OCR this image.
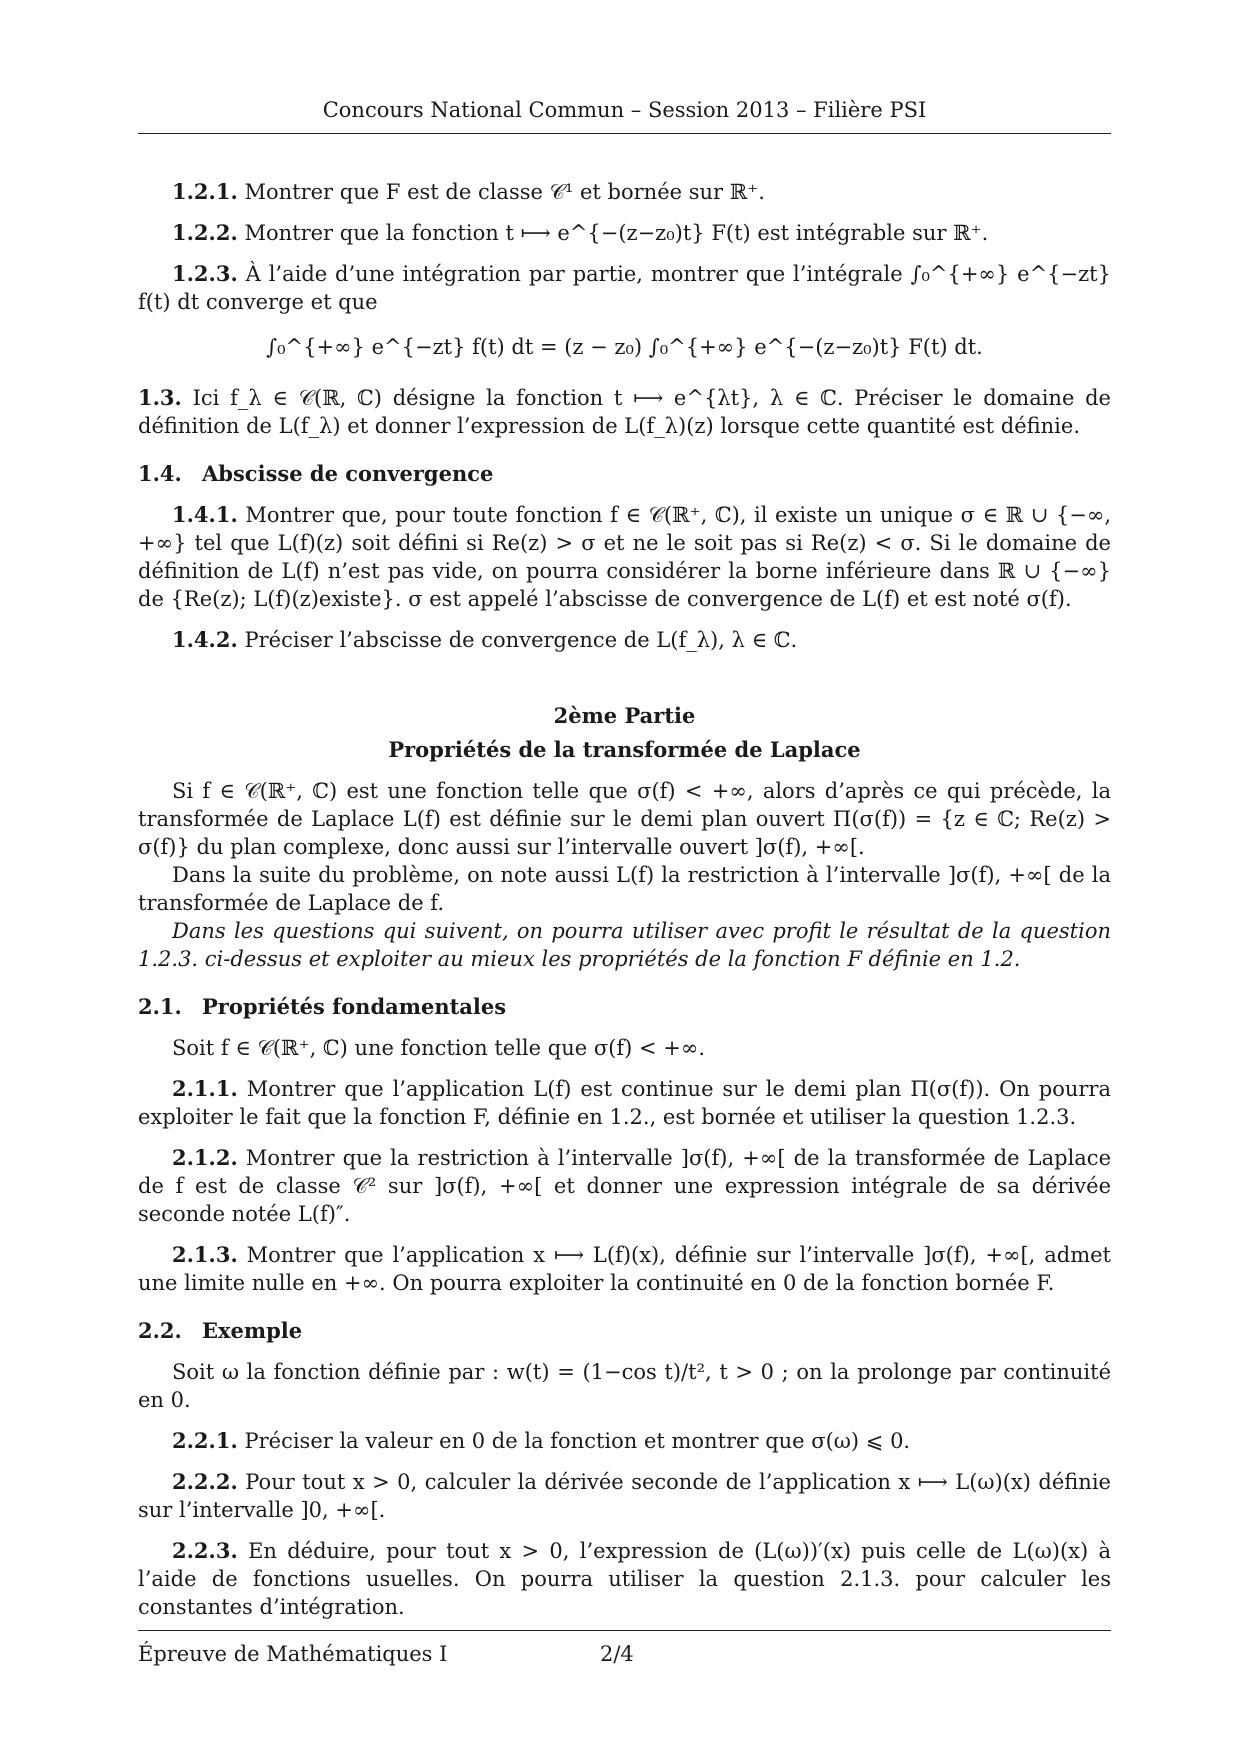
Concours National Commun – Session 2013 – Filière PSI

1.2.1. Montrer que F est de classe 𝒞¹ et bornée sur ℝ⁺.

1.2.2. Montrer que la fonction t ⟼ e^{−(z−z₀)t} F(t) est intégrable sur ℝ⁺.

1.2.3. À l’aide d’une intégration par partie, montrer que l’intégrale ∫₀^{+∞} e^{−zt} f(t) dt converge et que

∫₀^{+∞} e^{−zt} f(t) dt = (z − z₀) ∫₀^{+∞} e^{−(z−z₀)t} F(t) dt.

1.3. Ici f_λ ∈ 𝒞(ℝ, ℂ) désigne la fonction t ⟼ e^{λt}, λ ∈ ℂ. Préciser le domaine de définition de L(f_λ) et donner l’expression de L(f_λ)(z) lorsque cette quantité est définie.

1.4. Abscisse de convergence

1.4.1. Montrer que, pour toute fonction f ∈ 𝒞(ℝ⁺, ℂ), il existe un unique σ ∈ ℝ ∪ {−∞, +∞} tel que L(f)(z) soit défini si Re(z) > σ et ne le soit pas si Re(z) < σ. Si le domaine de définition de L(f) n’est pas vide, on pourra considérer la borne inférieure dans ℝ ∪ {−∞} de {Re(z); L(f)(z)existe}. σ est appelé l’abscisse de convergence de L(f) et est noté σ(f).

1.4.2. Préciser l’abscisse de convergence de L(f_λ), λ ∈ ℂ.

2ème Partie

Propriétés de la transformée de Laplace

Si f ∈ 𝒞(ℝ⁺, ℂ) est une fonction telle que σ(f) < +∞, alors d’après ce qui précède, la transformée de Laplace L(f) est définie sur le demi plan ouvert Π(σ(f)) = {z ∈ ℂ; Re(z) > σ(f)} du plan complexe, donc aussi sur l’intervalle ouvert ]σ(f), +∞[.

Dans la suite du problème, on note aussi L(f) la restriction à l’intervalle ]σ(f), +∞[ de la transformée de Laplace de f.

Dans les questions qui suivent, on pourra utiliser avec profit le résultat de la question 1.2.3. ci-dessus et exploiter au mieux les propriétés de la fonction F définie en 1.2.

2.1. Propriétés fondamentales

Soit f ∈ 𝒞(ℝ⁺, ℂ) une fonction telle que σ(f) < +∞.

2.1.1. Montrer que l’application L(f) est continue sur le demi plan Π(σ(f)). On pourra exploiter le fait que la fonction F, définie en 1.2., est bornée et utiliser la question 1.2.3.

2.1.2. Montrer que la restriction à l’intervalle ]σ(f), +∞[ de la transformée de Laplace de f est de classe 𝒞² sur ]σ(f), +∞[ et donner une expression intégrale de sa dérivée seconde notée L(f)″.

2.1.3. Montrer que l’application x ⟼ L(f)(x), définie sur l’intervalle ]σ(f), +∞[, admet une limite nulle en +∞. On pourra exploiter la continuité en 0 de la fonction bornée F.

2.2. Exemple

Soit ω la fonction définie par : w(t) = (1−cos t)/t², t > 0 ; on la prolonge par continuité en 0.

2.2.1. Préciser la valeur en 0 de la fonction et montrer que σ(ω) ⩽ 0.

2.2.2. Pour tout x > 0, calculer la dérivée seconde de l’application x ⟼ L(ω)(x) définie sur l’intervalle ]0, +∞[.

2.2.3. En déduire, pour tout x > 0, l’expression de (L(ω))′(x) puis celle de L(ω)(x) à l’aide de fonctions usuelles. On pourra utiliser la question 2.1.3. pour calculer les constantes d’intégration.

Épreuve de Mathématiques I	2/4
